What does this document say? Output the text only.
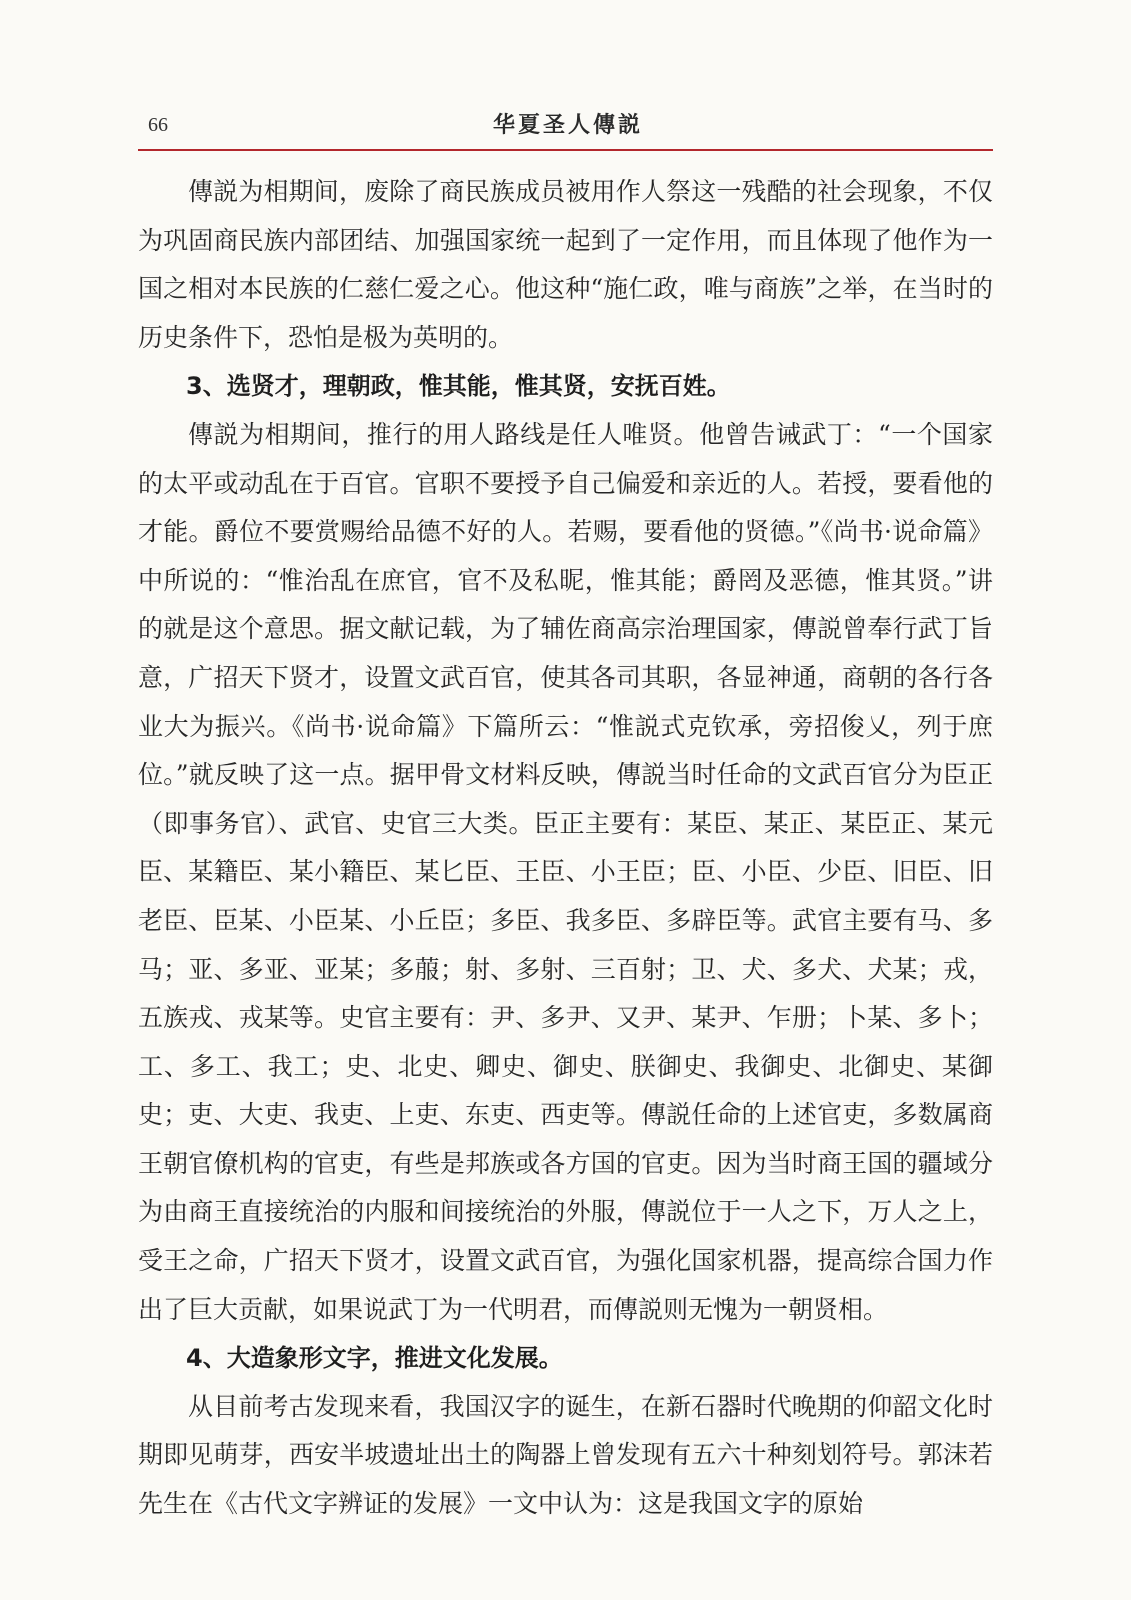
66	华夏圣人傳説

傳説为相期间，废除了商民族成员被用作人祭这一残酷的社会现象，不仅为巩固商民族内部团结、加强国家统一起到了一定作用，而且体现了他作为一国之相对本民族的仁慈仁爱之心。他这种“施仁政，唯与商族”之举，在当时的历史条件下，恐怕是极为英明的。

3、选贤才，理朝政，惟其能，惟其贤，安抚百姓。

傳説为相期间，推行的用人路线是任人唯贤。他曾告诫武丁：“一个国家的太平或动乱在于百官。官职不要授予自己偏爱和亲近的人。若授，要看他的才能。爵位不要赏赐给品德不好的人。若赐，要看他的贤德。”《尚书·说命篇》中所说的：“惟治乱在庶官，官不及私昵，惟其能；爵罔及恶德，惟其贤。”讲的就是这个意思。据文献记载，为了辅佐商高宗治理国家，傳説曾奉行武丁旨意，广招天下贤才，设置文武百官，使其各司其职，各显神通，商朝的各行各业大为振兴。《尚书·说命篇》下篇所云：“惟説式克钦承，旁招俊乂，列于庶位。”就反映了这一点。据甲骨文材料反映，傳説当时任命的文武百官分为臣正（即事务官）、武官、史官三大类。臣正主要有：某臣、某正、某臣正、某元臣、某籍臣、某小籍臣、某匕臣、王臣、小王臣；臣、小臣、少臣、旧臣、旧老臣、臣某、小臣某、小丘臣；多臣、我多臣、多辟臣等。武官主要有马、多马；亚、多亚、亚某；多菔；射、多射、三百射；卫、犬、多犬、犬某；戎，五族戎、戎某等。史官主要有：尹、多尹、又尹、某尹、乍册；卜某、多卜；工、多工、我工；史、北史、卿史、御史、朕御史、我御史、北御史、某御史；吏、大吏、我吏、上吏、东吏、西吏等。傳説任命的上述官吏，多数属商王朝官僚机构的官吏，有些是邦族或各方国的官吏。因为当时商王国的疆域分为由商王直接统治的内服和间接统治的外服，傳説位于一人之下，万人之上，受王之命，广招天下贤才，设置文武百官，为强化国家机器，提高综合国力作出了巨大贡献，如果说武丁为一代明君，而傳説则无愧为一朝贤相。

4、大造象形文字，推进文化发展。

从目前考古发现来看，我国汉字的诞生，在新石器时代晚期的仰韶文化时期即见萌芽，西安半坡遗址出土的陶器上曾发现有五六十种刻划符号。郭沫若先生在《古代文字辨证的发展》一文中认为：这是我国文字的原始
